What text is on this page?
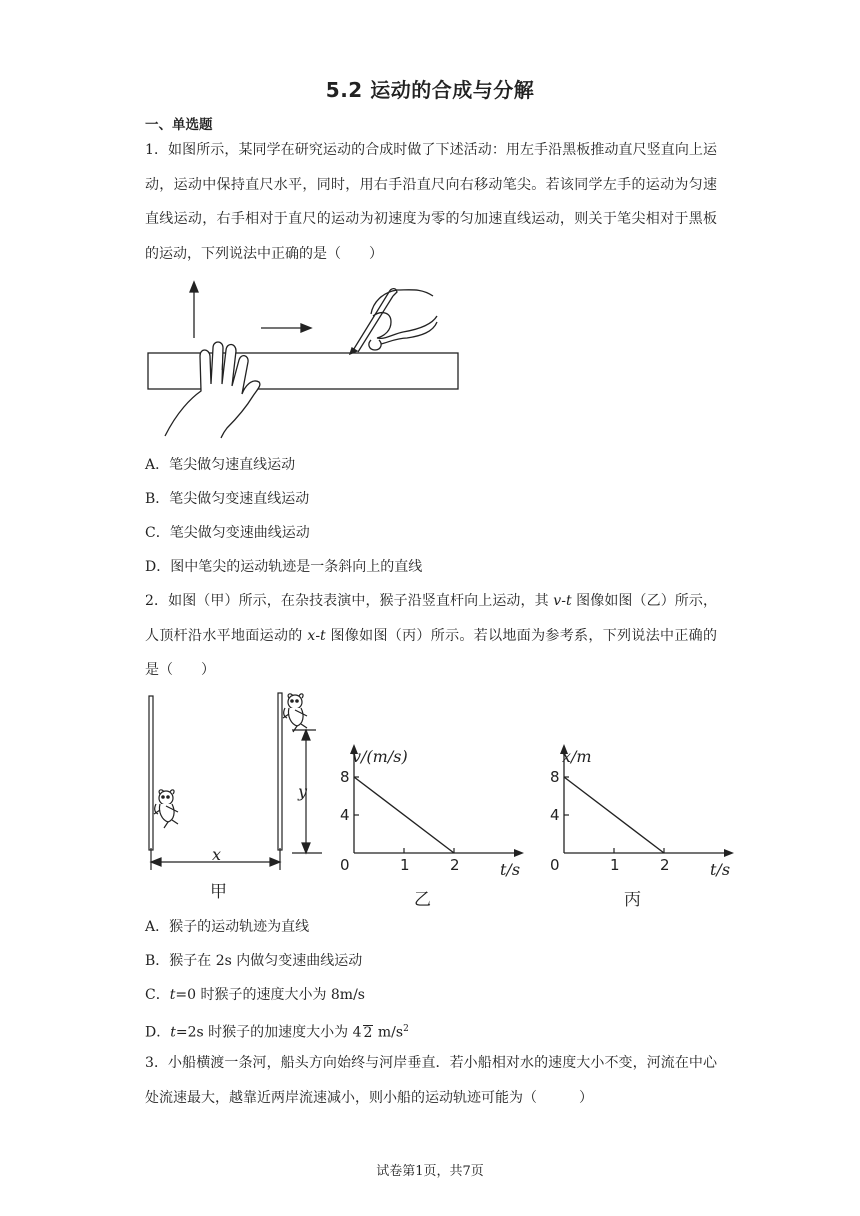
5.2 运动的合成与分解
一、单选题
1．如图所示，某同学在研究运动的合成时做了下述活动：用左手沿黑板推动直尺竖直向上运动，运动中保持直尺水平，同时，用右手沿直尺向右移动笔尖。若该同学左手的运动为匀速直线运动，右手相对于直尺的运动为初速度为零的匀加速直线运动，则关于笔尖相对于黑板的运动，下列说法中正确的是（　　）
A．笔尖做匀速直线运动
B．笔尖做匀变速直线运动
C．笔尖做匀变速曲线运动
D．图中笔尖的运动轨迹是一条斜向上的直线
2．如图（甲）所示，在杂技表演中，猴子沿竖直杆向上运动，其 v-t 图像如图（乙）所示，人顶杆沿水平地面运动的 x-t 图像如图（丙）所示。若以地面为参考系，下列说法中正确的是（　　）
y
x
甲
0	1	2
4
8
v/(m/s)
t/s
乙
0	1	2
4
8
x/m
t/s
丙
A．猴子的运动轨迹为直线
B．猴子在 2s 内做匀变速曲线运动
C．t=0 时猴子的速度大小为 8m/s
D．t=2s 时猴子的加速度大小为 4 2 $m/s^2$
3．小船横渡一条河，船头方向始终与河岸垂直．若小船相对水的速度大小不变，河流在中心处流速最大，越靠近两岸流速减小，则小船的运动轨迹可能为（　　　）
试卷第1页，共7页
